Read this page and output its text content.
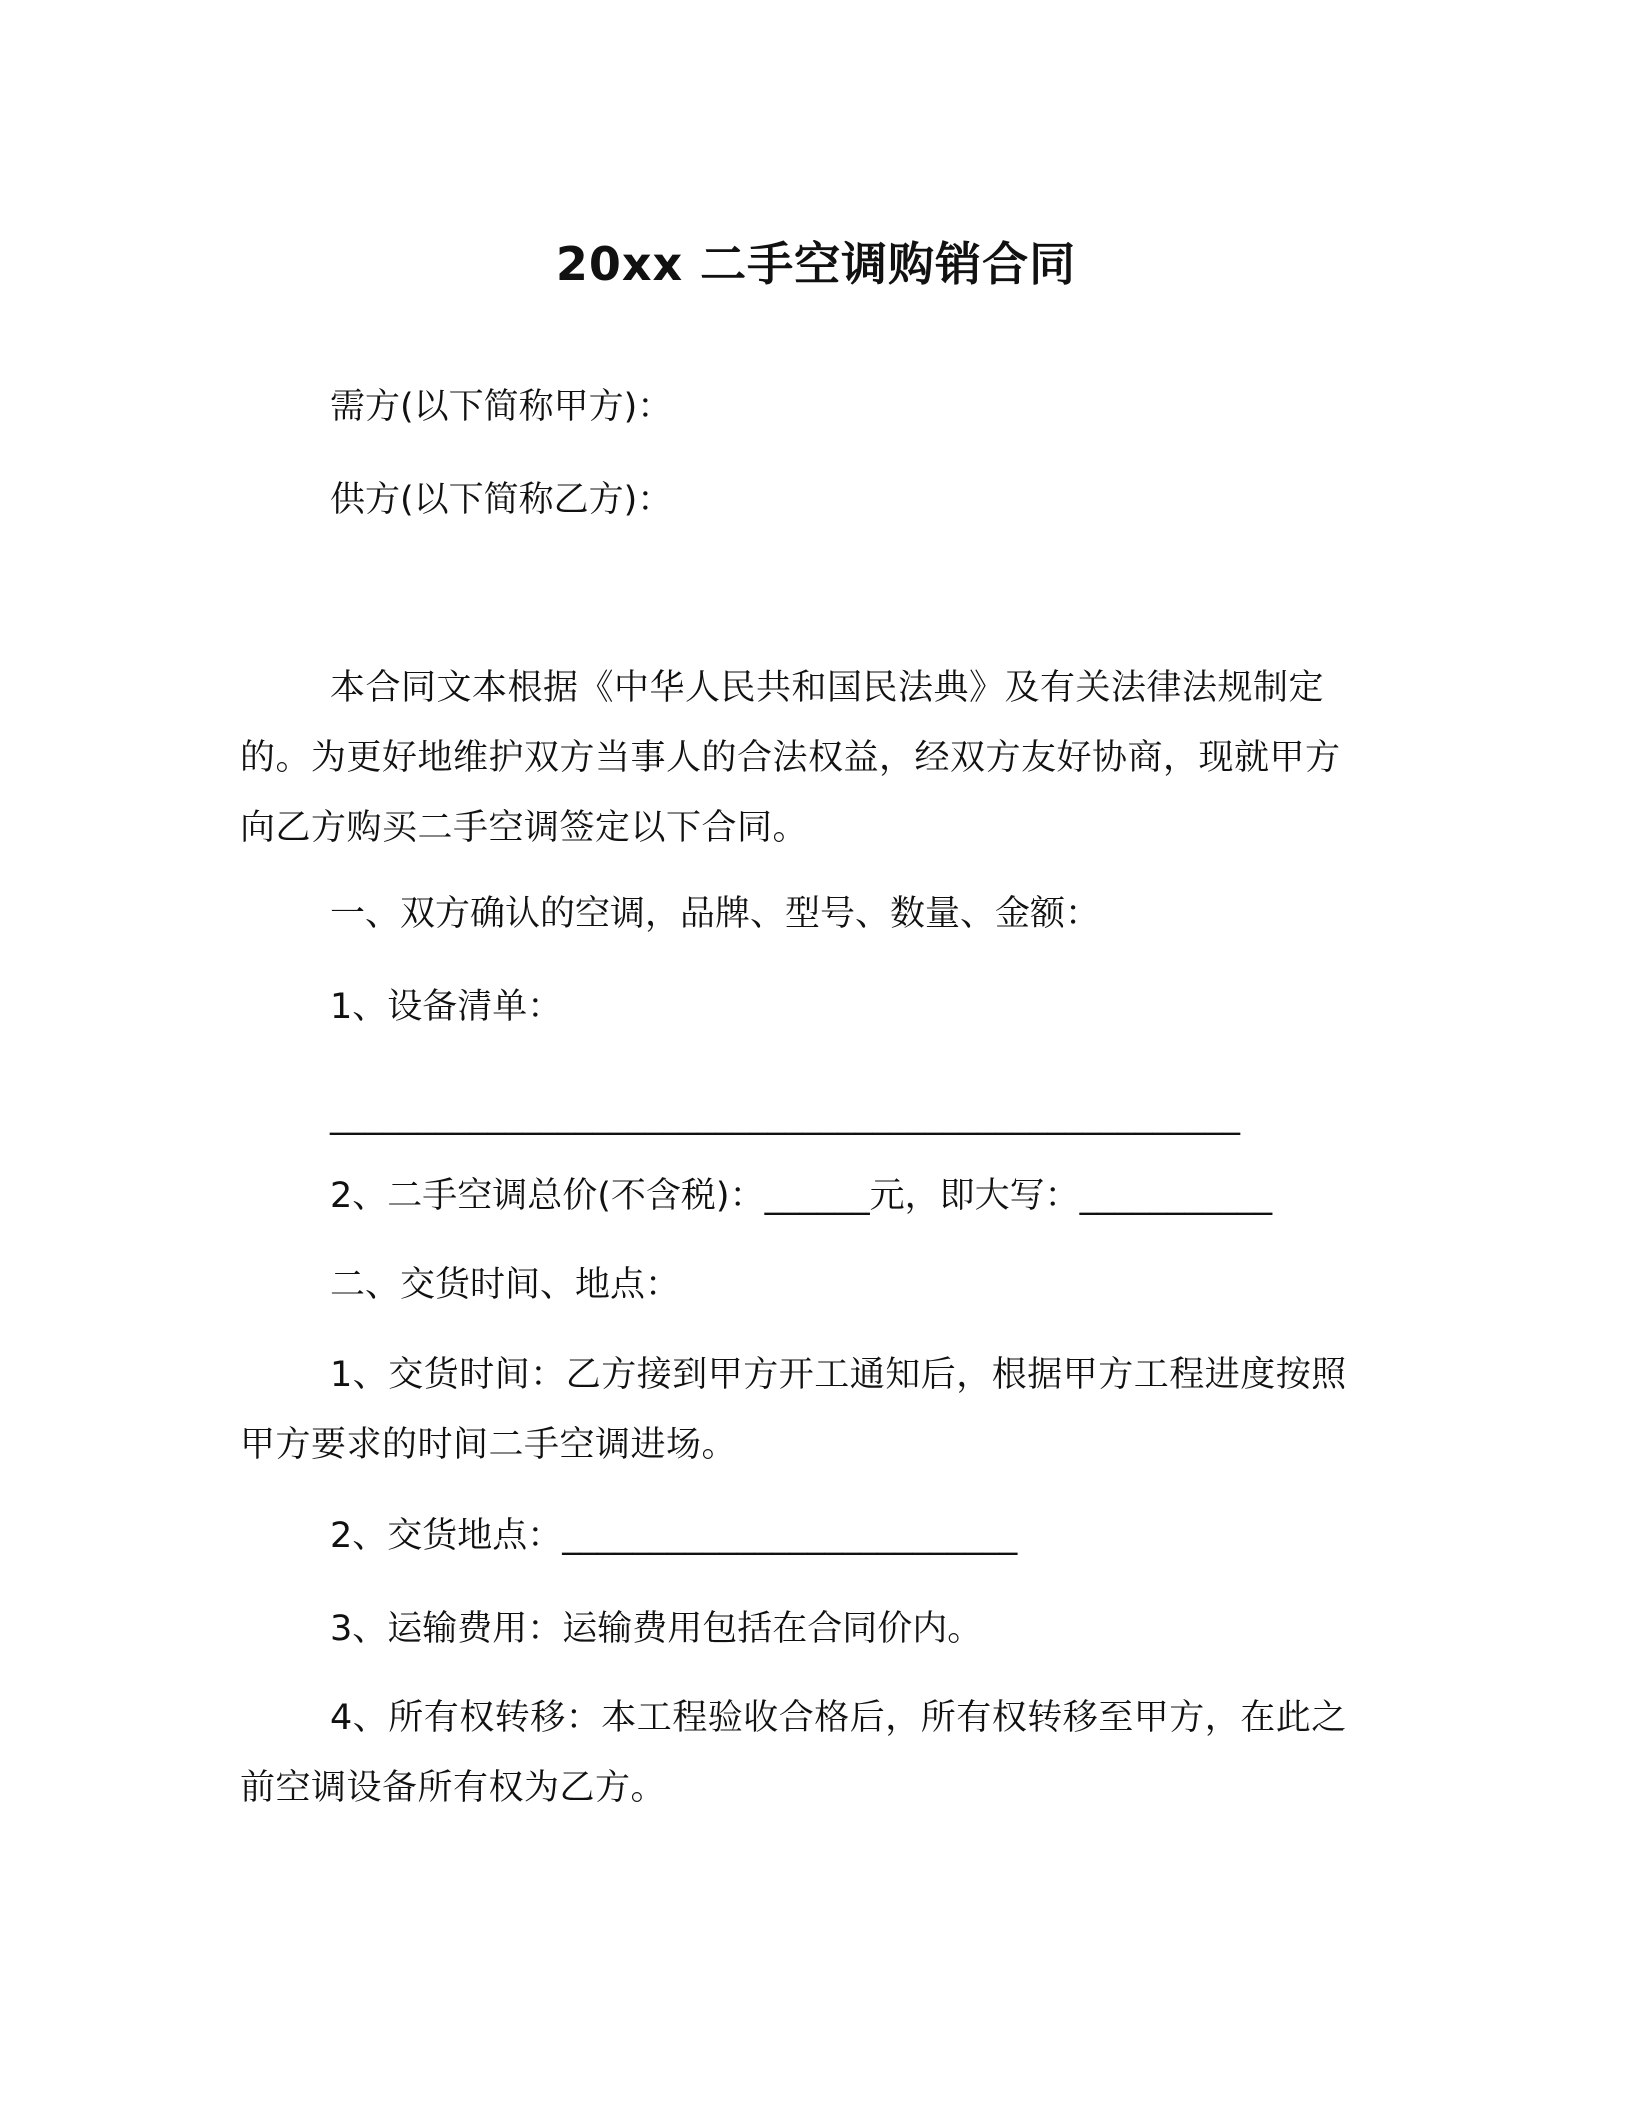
20xx 二手空调购销合同
需方(以下简称甲方)：
供方(以下简称乙方)：
本合同文本根据《中华人民共和国民法典》及有关法律法规制定的。为更好地维护双方当事人的合法权益，经双方友好协商，现就甲方向乙方购买二手空调签定以下合同。
一、双方确认的空调，品牌、型号、数量、金额：
1、设备清单：
____________________________________________________
2、二手空调总价(不含税)：______元，即大写：___________
二、交货时间、地点：
1、交货时间：乙方接到甲方开工通知后，根据甲方工程进度按照甲方要求的时间二手空调进场。
2、交货地点：__________________________
3、运输费用：运输费用包括在合同价内。
4、所有权转移：本工程验收合格后，所有权转移至甲方，在此之前空调设备所有权为乙方。
